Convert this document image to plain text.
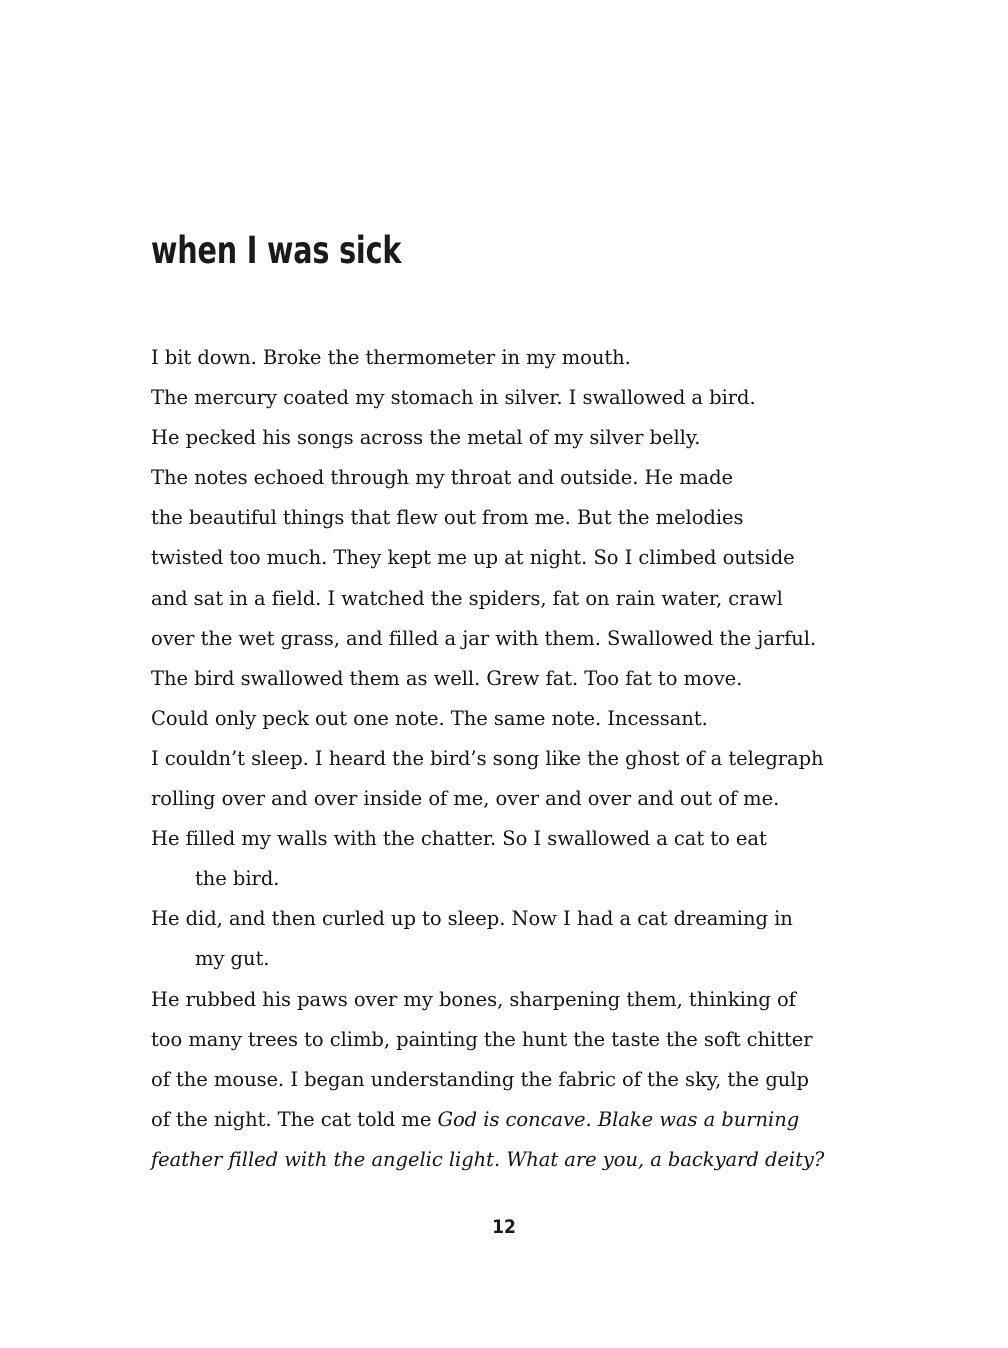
when I was sick
I bit down. Broke the thermometer in my mouth.
The mercury coated my stomach in silver. I swallowed a bird.
He pecked his songs across the metal of my silver belly.
The notes echoed through my throat and outside. He made
the beautiful things that flew out from me. But the melodies
twisted too much. They kept me up at night. So I climbed outside
and sat in a field. I watched the spiders, fat on rain water, crawl
over the wet grass, and filled a jar with them. Swallowed the jarful.
The bird swallowed them as well. Grew fat. Too fat to move.
Could only peck out one note. The same note. Incessant.
I couldn’t sleep. I heard the bird’s song like the ghost of a telegraph
rolling over and over inside of me, over and over and out of me.
He filled my walls with the chatter. So I swallowed a cat to eat
the bird.
He did, and then curled up to sleep. Now I had a cat dreaming in
my gut.
He rubbed his paws over my bones, sharpening them, thinking of
too many trees to climb, painting the hunt the taste the soft chitter
of the mouse. I began understanding the fabric of the sky, the gulp
of the night. The cat told me God is concave. Blake was a burning
feather filled with the angelic light. What are you, a backyard deity?
12
